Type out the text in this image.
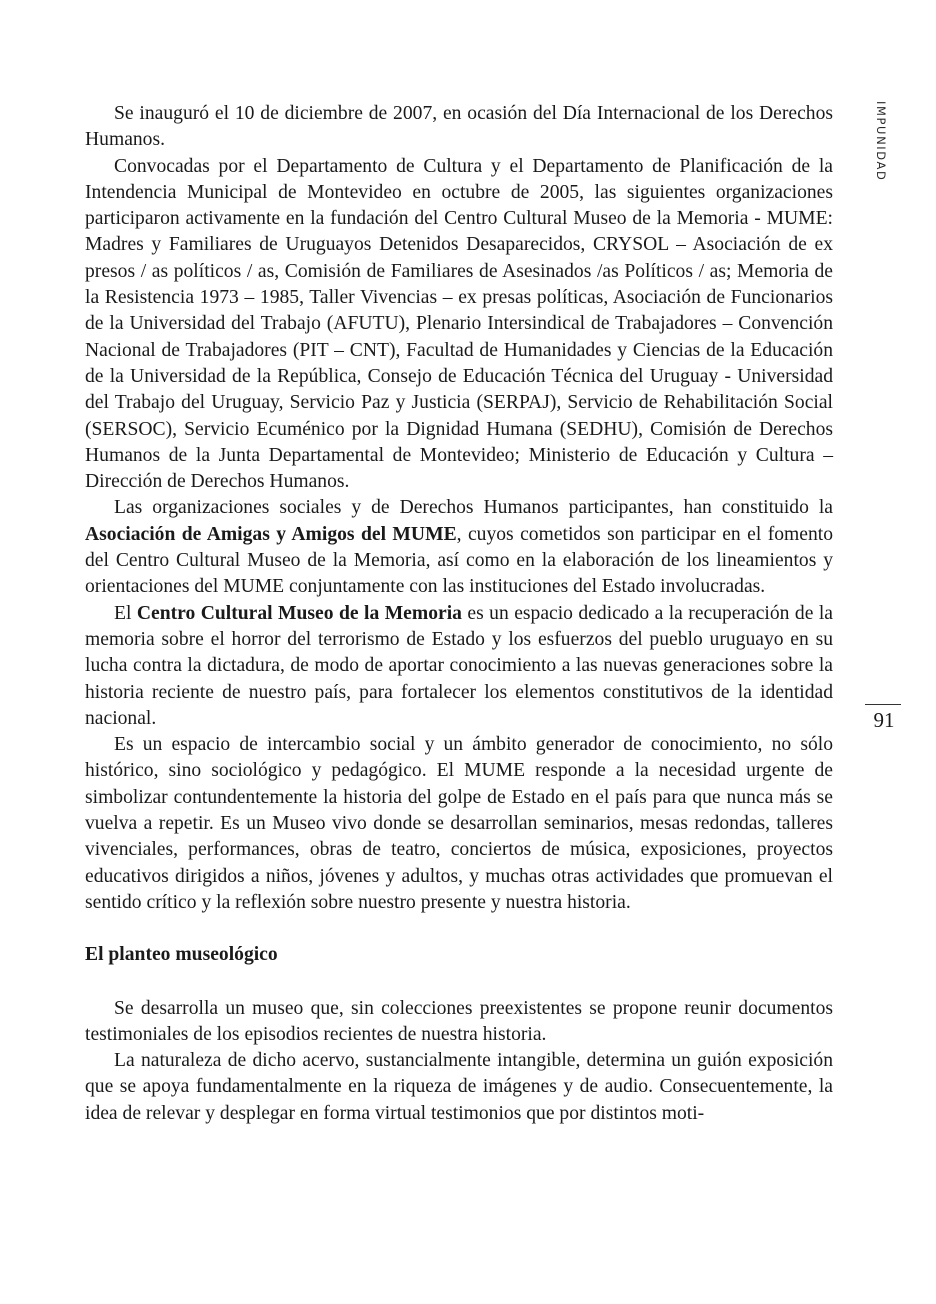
IMPUNIDAD
91

Se inauguró el 10 de diciembre de 2007, en ocasión del Día Internacional de los Derechos Humanos.

Convocadas por el Departamento de Cultura y el Departamento de Planificación de la Intendencia Municipal de Montevideo en octubre de 2005, las siguientes organizaciones participaron activamente en la fundación del Centro Cultural Museo de la Memoria - MUME: Madres y Familiares de Uruguayos Detenidos Desaparecidos, CRYSOL – Asociación de ex presos / as políticos / as, Comisión de Familiares de Asesinados /as Políticos / as; Memoria de la Resistencia 1973 – 1985, Taller Vivencias – ex presas políticas, Asociación de Funcionarios de la Universidad del Trabajo (AFUTU), Plenario Intersindical de Trabajadores – Convención Nacional de Trabajadores (PIT – CNT), Facultad de Humanidades y Ciencias de la Educación de la Universidad de la República, Consejo de Educación Técnica del Uruguay - Universidad del Trabajo del Uruguay, Servicio Paz y Justicia (SERPAJ), Servicio de Rehabilitación Social (SERSOC), Servicio Ecuménico por la Dignidad Humana (SEDHU), Comisión de Derechos Humanos de la Junta Departamental de Montevideo; Ministerio de Educación y Cultura – Dirección de Derechos Humanos.

Las organizaciones sociales y de Derechos Humanos participantes, han constituido la Asociación de Amigas y Amigos del MUME, cuyos cometidos son participar en el fomento del Centro Cultural Museo de la Memoria, así como en la elaboración de los lineamientos y orientaciones del MUME conjuntamente con las instituciones del Estado involucradas.

El Centro Cultural Museo de la Memoria es un espacio dedicado a la recuperación de la memoria sobre el horror del terrorismo de Estado y los esfuerzos del pueblo uruguayo en su lucha contra la dictadura, de modo de aportar conocimiento a las nuevas generaciones sobre la historia reciente de nuestro país, para fortalecer los elementos constitutivos de la identidad nacional.

Es un espacio de intercambio social y un ámbito generador de conocimiento, no sólo histórico, sino sociológico y pedagógico. El MUME responde a la necesidad urgente de simbolizar contundentemente la historia del golpe de Estado en el país para que nunca más se vuelva a repetir. Es un Museo vivo donde se desarrollan seminarios, mesas redondas, talleres vivenciales, performances, obras de teatro, conciertos de música, exposiciones, proyectos educativos dirigidos a niños, jóvenes y adultos, y muchas otras actividades que promuevan el sentido crítico y la reflexión sobre nuestro presente y nuestra historia.

El planteo museológico

Se desarrolla un museo que, sin colecciones preexistentes se propone reunir documentos testimoniales de los episodios recientes de nuestra historia.

La naturaleza de dicho acervo, sustancialmente intangible, determina un guión exposición que se apoya fundamentalmente en la riqueza de imágenes y de audio. Consecuentemente, la idea de relevar y desplegar en forma virtual testimonios que por distintos moti-
